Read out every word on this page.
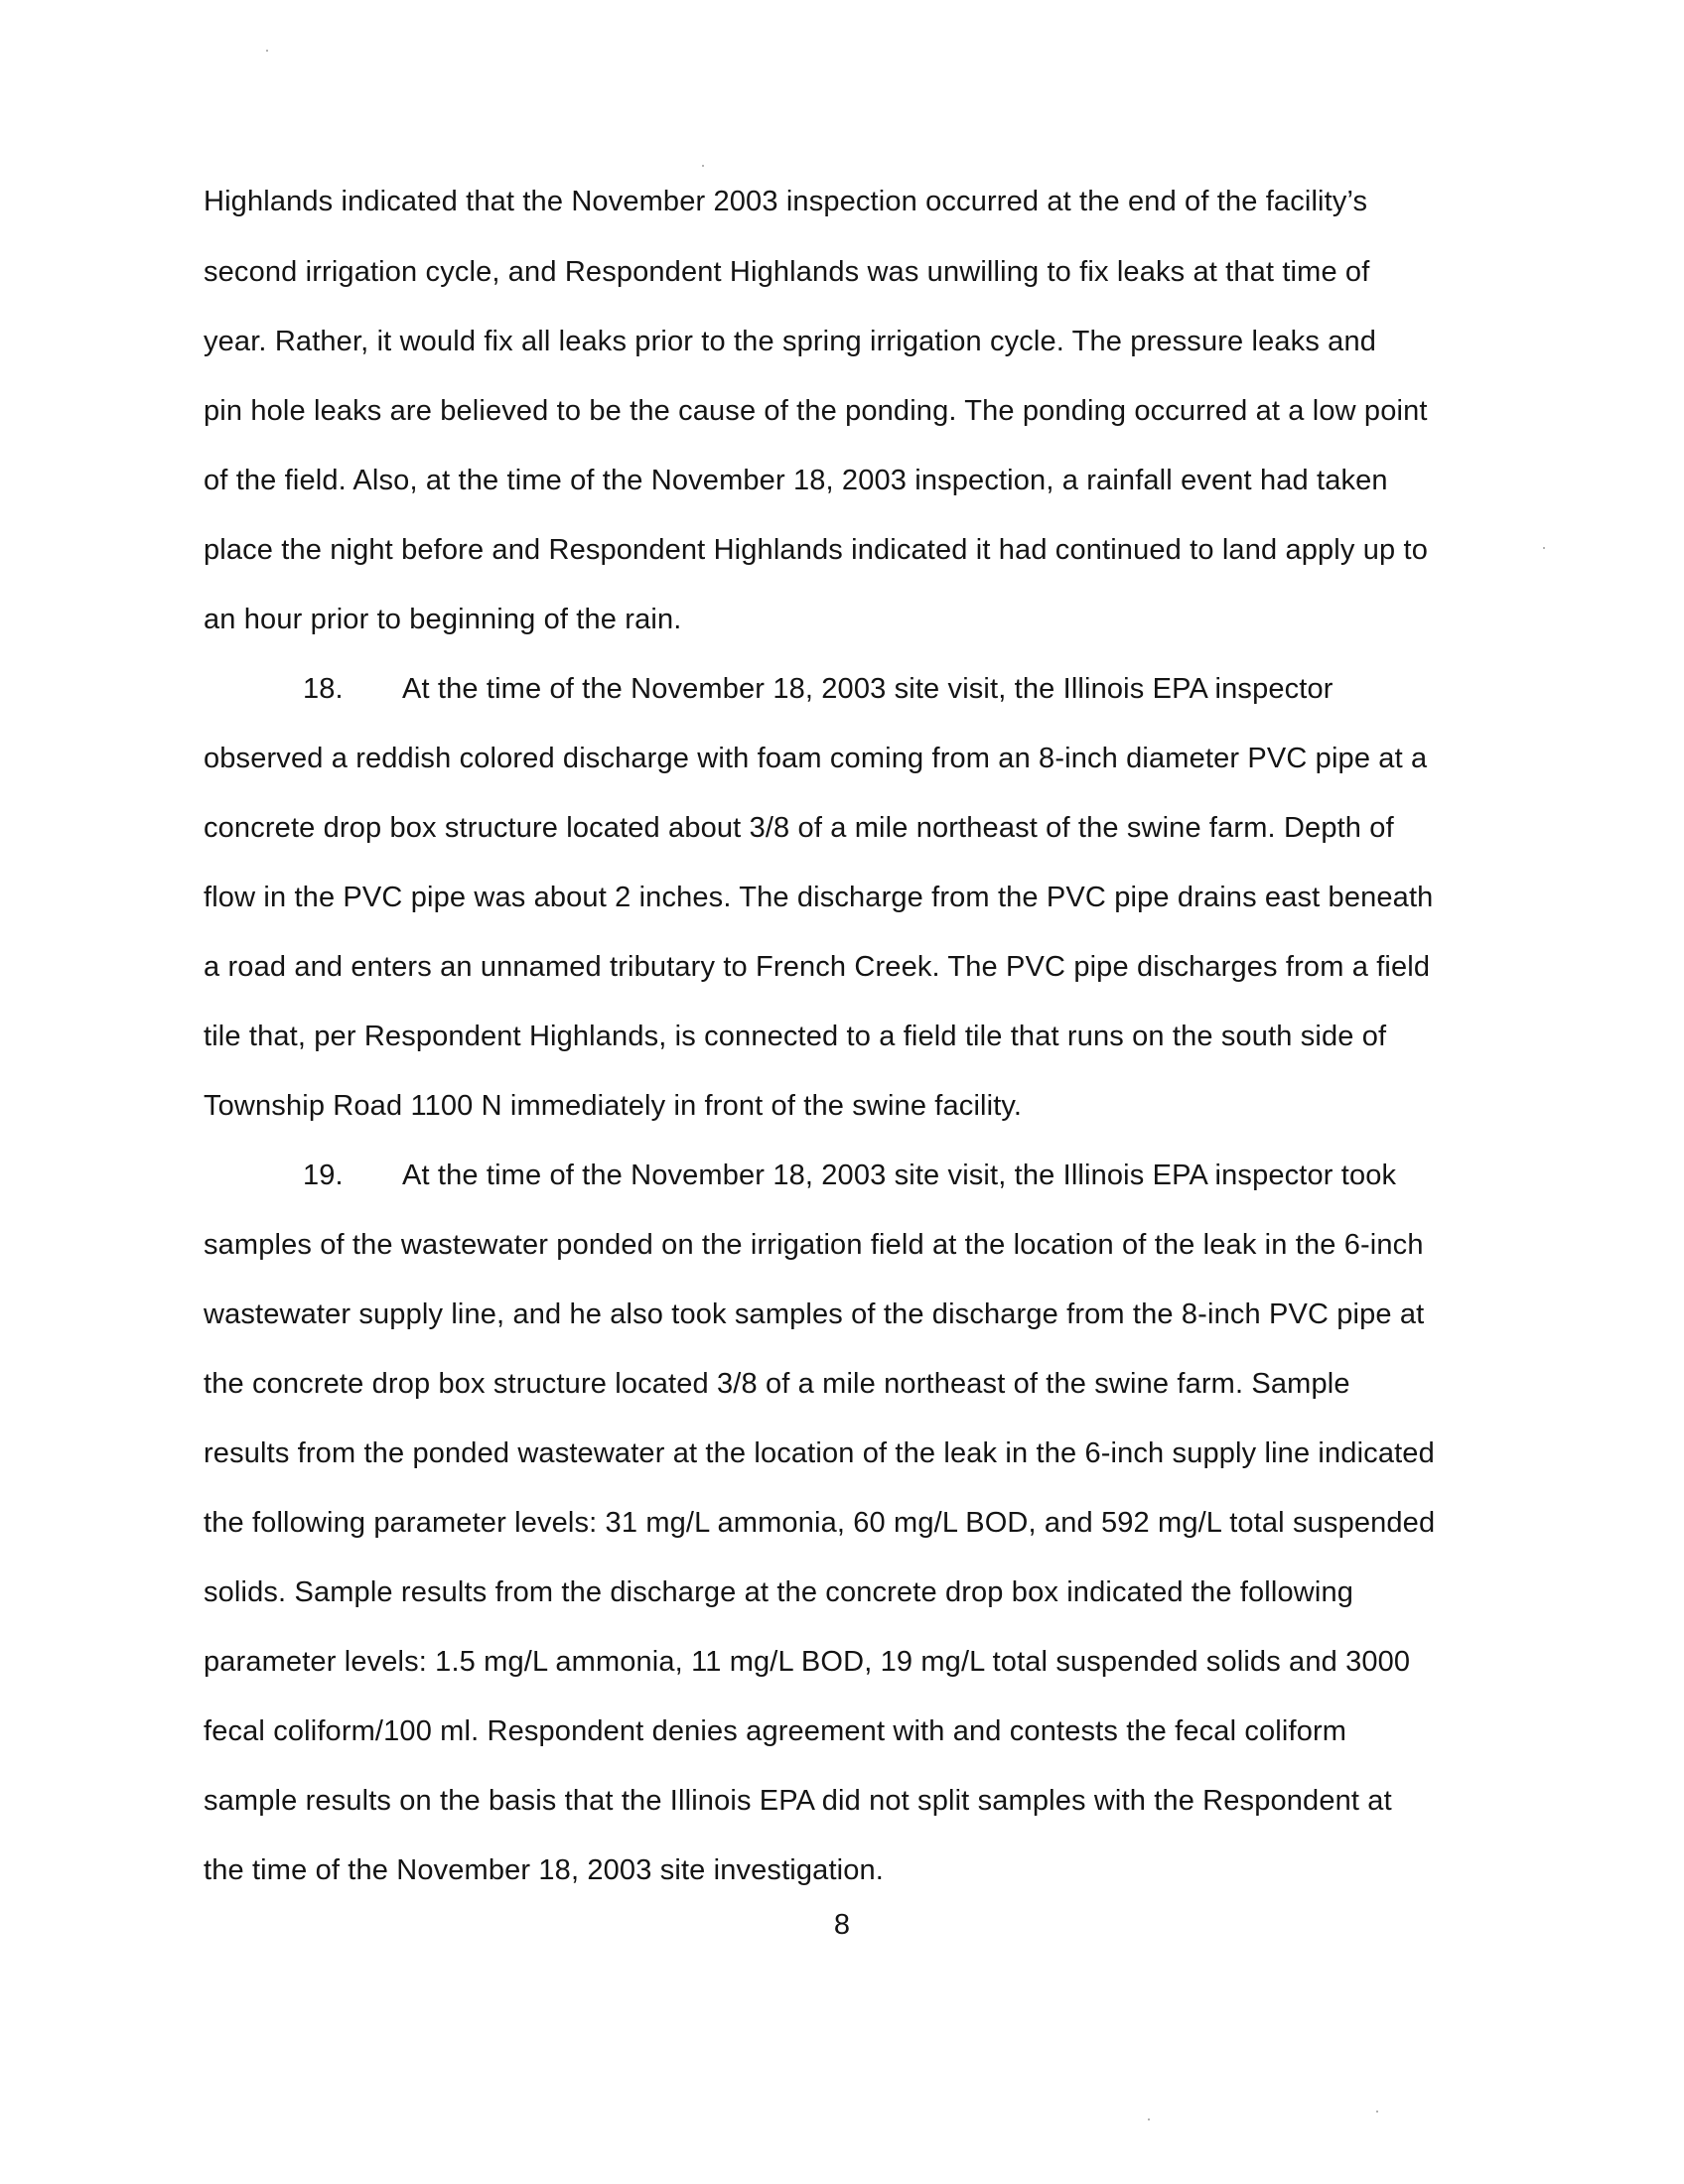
Highlands indicated that the November 2003 inspection occurred at the end of the facility’s
second irrigation cycle, and Respondent Highlands was unwilling to fix leaks at that time of
year. Rather, it would fix all leaks prior to the spring irrigation cycle. The pressure leaks and
pin hole leaks are believed to be the cause of the ponding. The ponding occurred at a low point
of the field. Also, at the time of the November 18, 2003 inspection, a rainfall event had taken
place the night before and Respondent Highlands indicated it had continued to land apply up to
an hour prior to beginning of the rain.
18. At the time of the November 18, 2003 site visit, the Illinois EPA inspector
observed a reddish colored discharge with foam coming from an 8-inch diameter PVC pipe at a
concrete drop box structure located about 3/8 of a mile northeast of the swine farm. Depth of
flow in the PVC pipe was about 2 inches. The discharge from the PVC pipe drains east beneath
a road and enters an unnamed tributary to French Creek. The PVC pipe discharges from a field
tile that, per Respondent Highlands, is connected to a field tile that runs on the south side of
Township Road 1100 N immediately in front of the swine facility.
19. At the time of the November 18, 2003 site visit, the Illinois EPA inspector took
samples of the wastewater ponded on the irrigation field at the location of the leak in the 6-inch
wastewater supply line, and he also took samples of the discharge from the 8-inch PVC pipe at
the concrete drop box structure located 3/8 of a mile northeast of the swine farm. Sample
results from the ponded wastewater at the location of the leak in the 6-inch supply line indicated
the following parameter levels: 31 mg/L ammonia, 60 mg/L BOD, and 592 mg/L total suspended
solids. Sample results from the discharge at the concrete drop box indicated the following
parameter levels: 1.5 mg/L ammonia, 11 mg/L BOD, 19 mg/L total suspended solids and 3000
fecal coliform/100 ml. Respondent denies agreement with and contests the fecal coliform
sample results on the basis that the Illinois EPA did not split samples with the Respondent at
the time of the November 18, 2003 site investigation.
8
